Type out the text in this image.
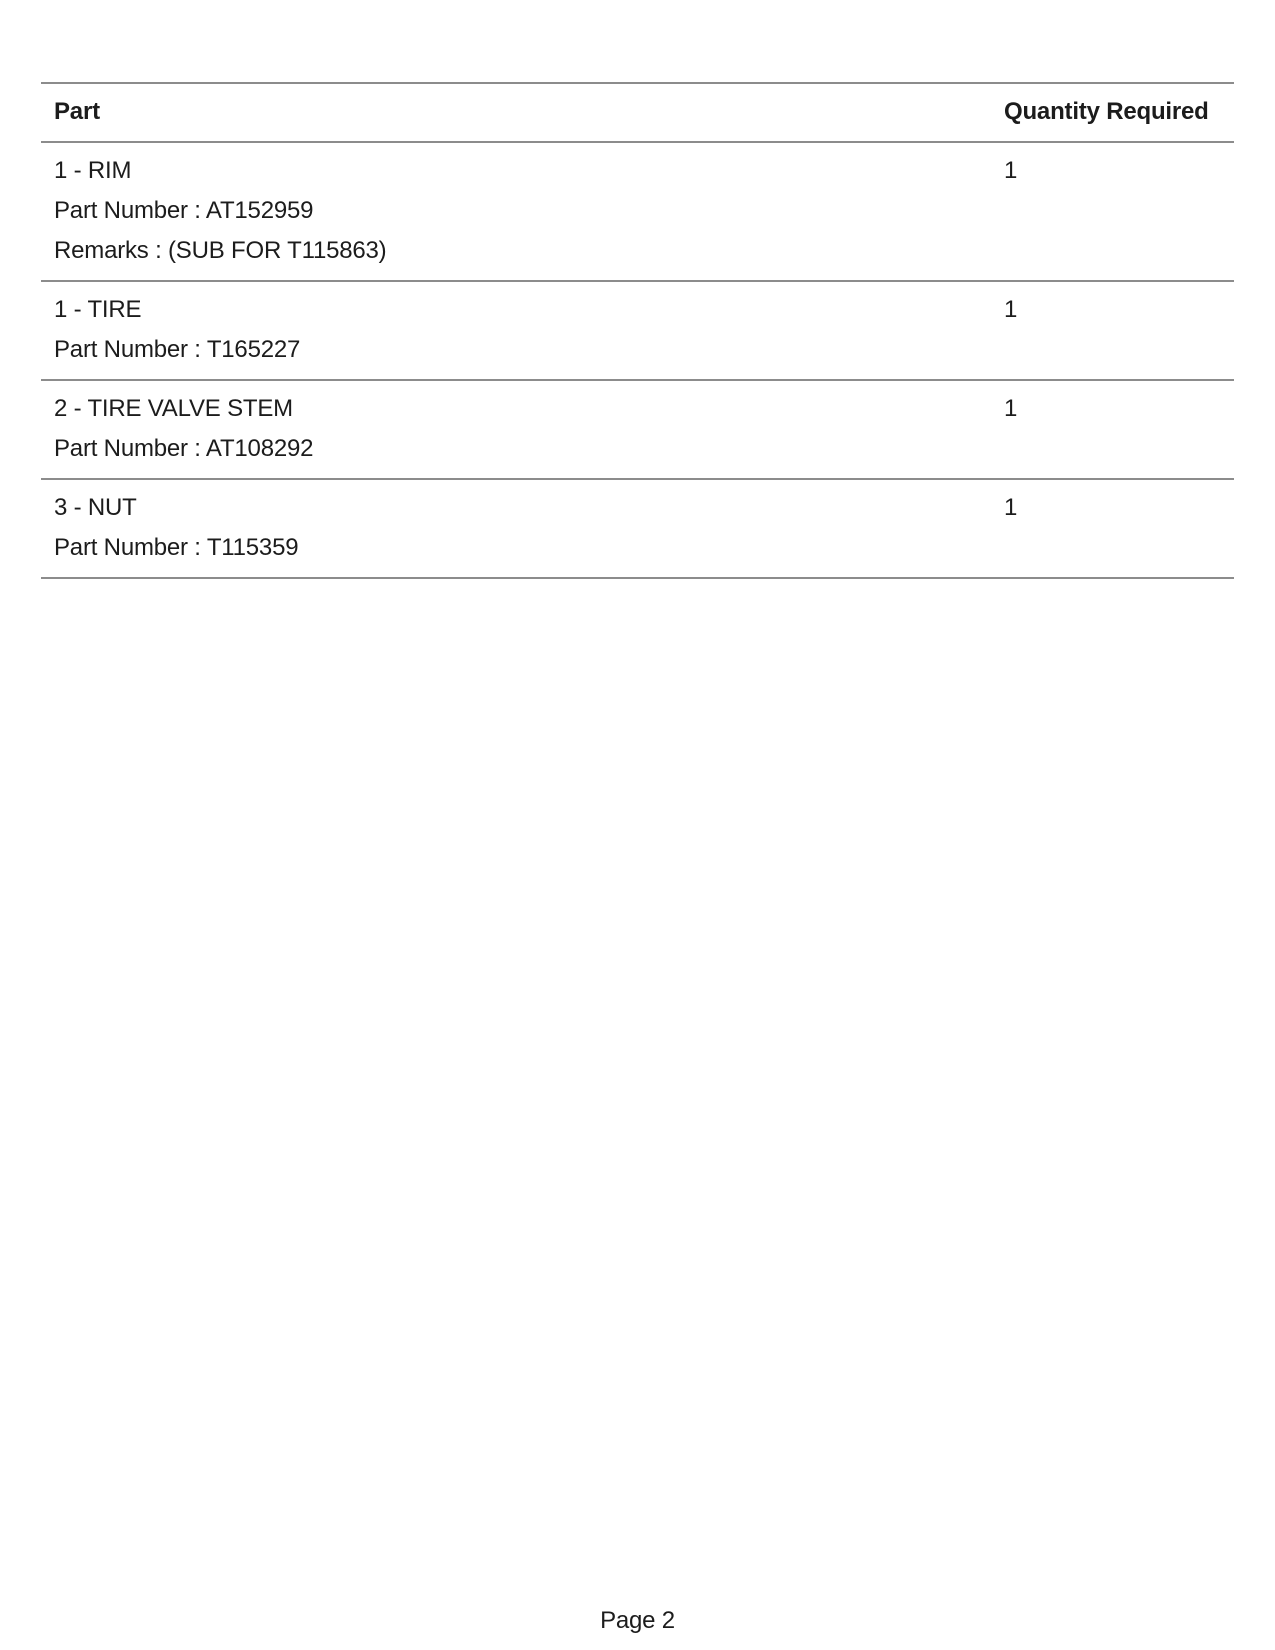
Part	Quantity Required
1 - RIM
Part Number : AT152959
Remarks : (SUB FOR T115863)
1
1 - TIRE
Part Number : T165227
1
2 - TIRE VALVE STEM
Part Number : AT108292
1
3 - NUT
Part Number : T115359
1
Page 2
